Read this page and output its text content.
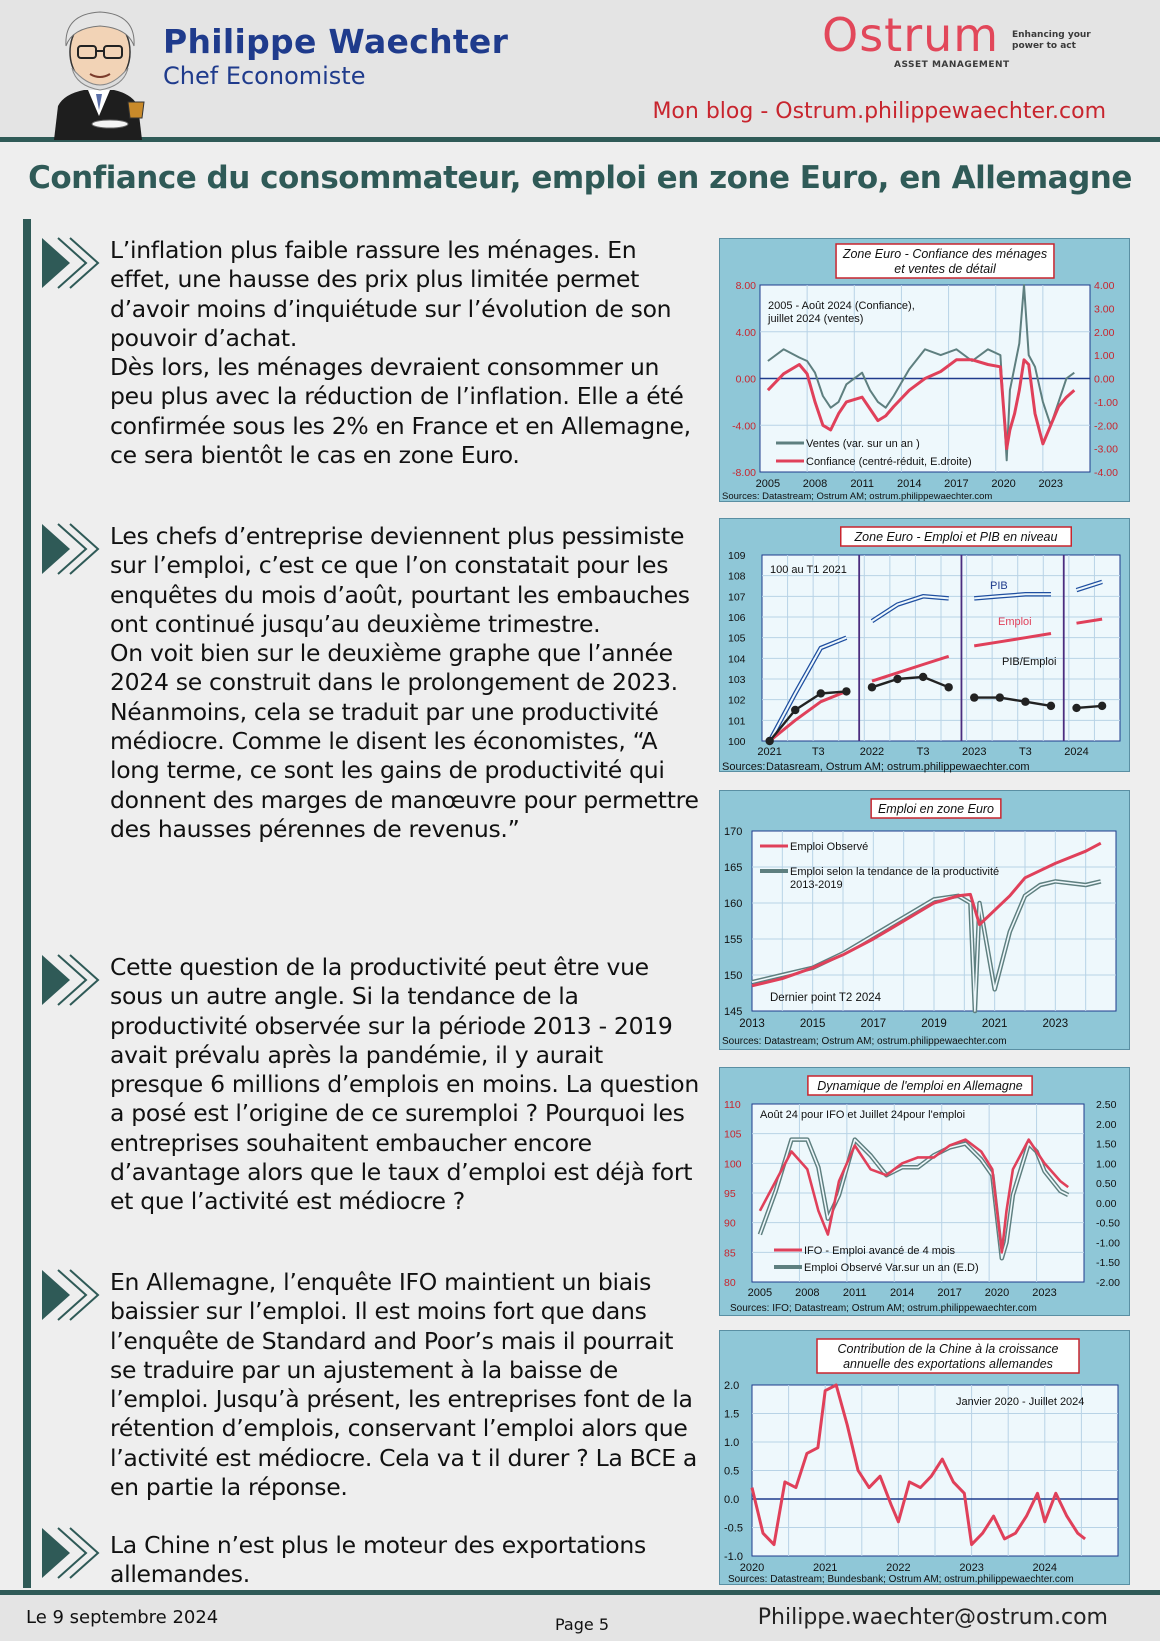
Philippe Waechter
Chef Economiste
Ostrum Enhancing your power to act
ASSET MANAGEMENT
Mon blog - Ostrum.philippewaechter.com
Confiance du consommateur, emploi en zone Euro, en Allemagne
L’inflation plus faible rassure les ménages. En effet, une hausse des prix plus limitée permet d’avoir moins d’inquiétude sur l’évolution de son pouvoir d’achat.
Dès lors, les ménages devraient consommer un peu plus avec la réduction de l’inflation. Elle a été confirmée sous les 2% en France et en Allemagne, ce sera bientôt le cas en zone Euro.
Les chefs d’entreprise deviennent plus pessimiste sur l’emploi, c’est ce que l’on constatait pour les enquêtes du mois d’août, pourtant les embauches ont continué jusqu’au deuxième trimestre.
On voit bien sur le deuxième graphe que l’année 2024 se construit dans le prolongement de 2023.
Néanmoins, cela se traduit par une productivité médiocre. Comme le disent les économistes, “A long terme, ce sont les gains de productivité qui donnent des marges de manœuvre pour permettre des hausses pérennes de revenus.”
Cette question de la productivité peut être vue sous un autre angle. Si la tendance de la productivité observée sur la période 2013 - 2019 avait prévalu après la pandémie, il y aurait presque 6 millions d’emplois en moins. La question a posé est l’origine de ce suremploi ? Pourquoi les entreprises souhaitent embaucher encore d’avantage alors que le taux d’emploi est déjà fort et que l’activité est médiocre ?
En Allemagne, l’enquête IFO maintient un biais baissier sur l’emploi. Il est moins fort que dans l’enquête de Standard and Poor’s mais il pourrait se traduire par un ajustement à la baisse de l’emploi. Jusqu’à présent, les entreprises font de la rétention d’emplois, conservant l’emploi alors que l’activité est médiocre. Cela va t il durer ? La BCE a en partie la réponse.
La Chine n’est plus le moteur des exportations allemandes.
Zone Euro - Confiance des ménages
et ventes de détail
8.00
4.00
0.00
-4.00
-8.00
4.00
3.00
2.00
1.00
0.00
-1.00
-2.00
-3.00
-4.00
2005 2008 2011 2014 2017 2020 2023
2005 - Août 2024 (Confiance),
juillet 2024 (ventes)
Ventes (var. sur un an )
Confiance (centré-réduit, E.droite)
Sources: Datastream; Ostrum AM; ostrum.philippewaechter.com
Zone Euro - Emploi et PIB en niveau
109
108
107
106
105
104
103
102
101
100
2021	T3	2022	T3	2023	T3	2024
100 au T1 2021
PIB
Emploi
PIB/Emploi
Sources: Datasream, Ostrum AM; ostrum.philippewaechter.com
Emploi en zone Euro
170
165
160
155
150
145
2013	2015	2017	2019	2021	2023
Emploi Observé
Emploi selon la tendance de la productivité
2013-2019
Dernier point T2 2024
Sources: Datastream; Ostrum AM; ostrum.philippewaechter.com
Dynamique de l'emploi en Allemagne
110
105
100
95
90
85
80
2.50
2.00
1.50
1.00
0.50
0.00
-0.50
-1.00
-1.50
-2.00
2005 2008 2011 2014 2017 2020 2023
Août 24 pour IFO et Juillet 24pour l'emploi
IFO - Emploi avancé de 4 mois
Emploi Observé Var.sur un an (E.D)
Sources: IFO; Datastream; Ostrum AM; ostrum.philippewaechter.com
Contribution de la Chine à la croissance
annuelle des exportations allemandes
2.0
1.5
1.0
0.5
0.0
-0.5
-1.0
2020	2021	2022	2023	2024
Janvier 2020 - Juillet 2024
Sources: Datastream; Bundesbank; Ostrum AM; ostrum.philippewaechter.com
Le 9 septembre 2024	Page 5	Philippe.waechter@ostrum.com
